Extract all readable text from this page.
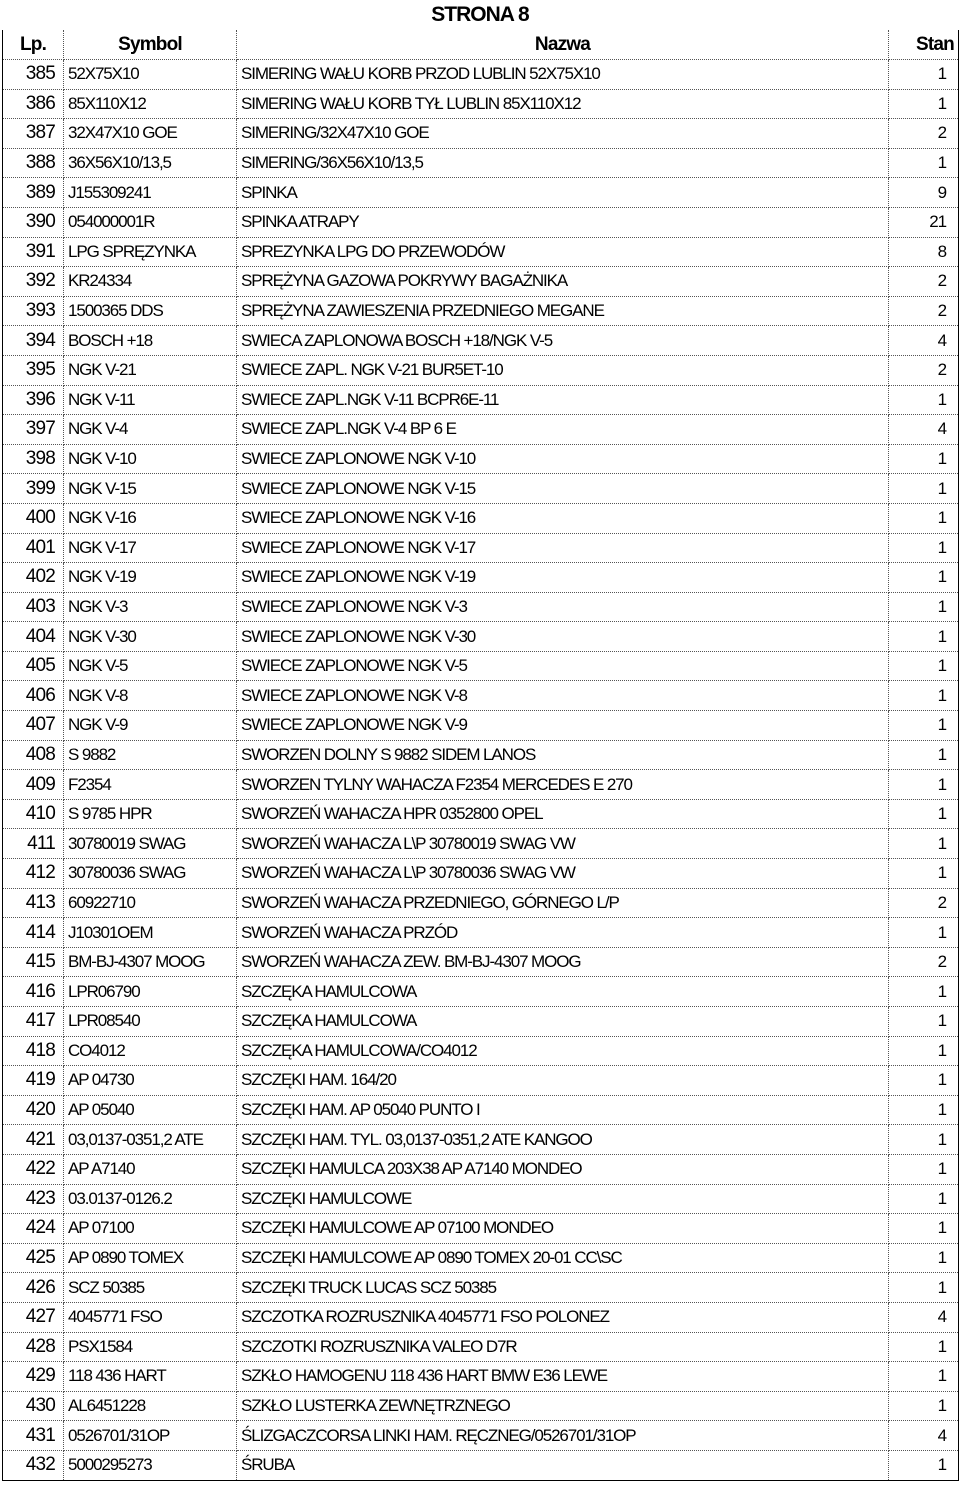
STRONA 8
Lp.	Symbol	Nazwa	Stan
385	52X75X10	SIMERING WAŁU KORB PRZOD LUBLIN 52X75X10	1
386	85X110X12	SIMERING WAŁU KORB TYŁ LUBLIN 85X110X12	1
387	32X47X10 GOE	SIMERING/32X47X10 GOE	2
388	36X56X10/13,5	SIMERING/36X56X10/13,5	1
389	J155309241	SPINKA	9
390	054000001R	SPINKA ATRAPY	21
391	LPG SPRĘZYNKA	SPREZYNKA LPG DO PRZEWODÓW	8
392	KR24334	SPRĘŻYNA GAZOWA POKRYWY BAGAŻNIKA	2
393	1500365 DDS	SPRĘŻYNA ZAWIESZENIA PRZEDNIEGO MEGANE	2
394	BOSCH +18	SWIECA ZAPLONOWA BOSCH +18/NGK V-5	4
395	NGK V-21	SWIECE ZAPL. NGK V-21 BUR5ET-10	2
396	NGK V-11	SWIECE ZAPL.NGK V-11 BCPR6E-11	1
397	NGK V-4	SWIECE ZAPL.NGK V-4 BP 6 E	4
398	NGK V-10	SWIECE ZAPLONOWE NGK V-10	1
399	NGK V-15	SWIECE ZAPLONOWE NGK V-15	1
400	NGK V-16	SWIECE ZAPLONOWE NGK V-16	1
401	NGK V-17	SWIECE ZAPLONOWE NGK V-17	1
402	NGK V-19	SWIECE ZAPLONOWE NGK V-19	1
403	NGK V-3	SWIECE ZAPLONOWE NGK V-3	1
404	NGK V-30	SWIECE ZAPLONOWE NGK V-30	1
405	NGK V-5	SWIECE ZAPLONOWE NGK V-5	1
406	NGK V-8	SWIECE ZAPLONOWE NGK V-8	1
407	NGK V-9	SWIECE ZAPLONOWE NGK V-9	1
408	S 9882	SWORZEN DOLNY S 9882 SIDEM LANOS	1
409	F2354	SWORZEN TYLNY WAHACZA F2354 MERCEDES E 270	1
410	S 9785 HPR	SWORZEŃ WAHACZA HPR 0352800 OPEL	1
411	30780019 SWAG	SWORZEŃ WAHACZA L\P 30780019 SWAG VW	1
412	30780036 SWAG	SWORZEŃ WAHACZA L\P 30780036 SWAG VW	1
413	60922710	SWORZEŃ WAHACZA PRZEDNIEGO, GÓRNEGO L/P	2
414	J10301OEM	SWORZEŃ WAHACZA PRZÓD	1
415	BM-BJ-4307 MOOG	SWORZEŃ WAHACZA ZEW. BM-BJ-4307 MOOG	2
416	LPR06790	SZCZĘKA HAMULCOWA	1
417	LPR08540	SZCZĘKA HAMULCOWA	1
418	CO4012	SZCZĘKA HAMULCOWA/CO4012	1
419	AP 04730	SZCZĘKI HAM. 164/20	1
420	AP 05040	SZCZĘKI HAM. AP 05040 PUNTO I	1
421	03,0137-0351,2 ATE	SZCZĘKI HAM. TYL. 03,0137-0351,2 ATE KANGOO	1
422	AP A7140	SZCZĘKI HAMULCA 203X38 AP A7140 MONDEO	1
423	03.0137-0126.2	SZCZĘKI HAMULCOWE	1
424	AP 07100	SZCZĘKI HAMULCOWE AP 07100 MONDEO	1
425	AP 0890 TOMEX	SZCZĘKI HAMULCOWE AP 0890 TOMEX 20-01 CC\SC	1
426	SCZ 50385	SZCZĘKI TRUCK LUCAS SCZ 50385	1
427	4045771 FSO	SZCZOTKA ROZRUSZNIKA 4045771 FSO POLONEZ	4
428	PSX1584	SZCZOTKI ROZRUSZNIKA VALEO D7R	1
429	118 436 HART	SZKŁO HAMOGENU 118 436 HART BMW E36 LEWE	1
430	AL6451228	SZKŁO LUSTERKA ZEWNĘTRZNEGO	1
431	0526701/31OP	ŚLIZGACZCORSA LINKI HAM. RĘCZNEG/0526701/31OP	4
432	5000295273	ŚRUBA	1
